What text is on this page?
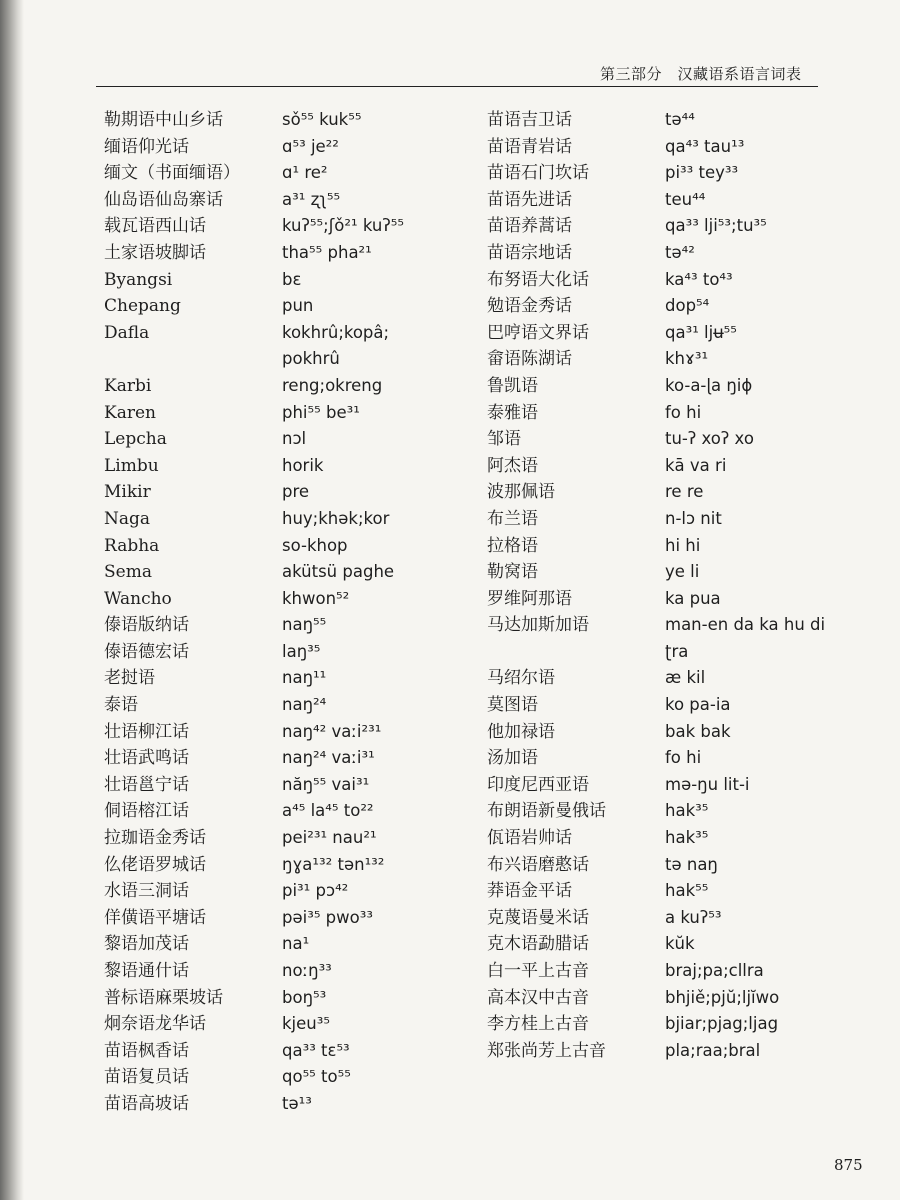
第三部分　汉藏语系语言词表
勒期语中山乡话	sǒ⁵⁵ kuk⁵⁵
缅语仰光话	ɑ⁵³ je²²
缅文（书面缅语）	ɑ¹ re²
仙岛语仙岛寨话	a³¹ ʐʅ⁵⁵
载瓦语西山话	kuʔ⁵⁵;ʃǒ²¹ kuʔ⁵⁵
土家语坡脚话	tha⁵⁵ pha²¹
Byangsi	bɛ
Chepang	pun
Dafla	kokhrû;kopâ;
pokhrû
Karbi	reng;okreng
Karen	phi⁵⁵ be³¹
Lepcha	nɔl
Limbu	horik
Mikir	pre
Naga	huy;khək;kor
Rabha	so-khop
Sema	akütsü paghe
Wancho	khwon⁵²
傣语版纳话	naŋ⁵⁵
傣语德宏话	laŋ³⁵
老挝语	naŋ¹¹
泰语	naŋ²⁴
壮语柳江话	naŋ⁴² vaːi²³¹
壮语武鸣话	naŋ²⁴ vaːi³¹
壮语邕宁话	năŋ⁵⁵ vai³¹
侗语榕江话	a⁴⁵ la⁴⁵ to²²
拉珈语金秀话	pei²³¹ nau²¹
仫佬语罗城话	ŋɣa¹³² tən¹³²
水语三洞话	pi³¹ pɔ⁴²
佯僙语平塘话	pəi³⁵ pwo³³
黎语加茂话	na¹
黎语通什话	noːŋ³³
普标语麻栗坡话	boŋ⁵³
炯奈语龙华话	kjeu³⁵
苗语枫香话	qa³³ tɛ⁵³
苗语复员话	qo⁵⁵ to⁵⁵
苗语高坡话	tə¹³
苗语吉卫话	tə⁴⁴
苗语青岩话	qa⁴³ tau¹³
苗语石门坎话	pi³³ tey³³
苗语先进话	teu⁴⁴
苗语养蒿话	qa³³ lji⁵³;tu³⁵
苗语宗地话	tə⁴²
布努语大化话	ka⁴³ to⁴³
勉语金秀话	dop⁵⁴
巴哼语文界话	qa³¹ ljʉ⁵⁵
畲语陈湖话	khɤ³¹
鲁凯语	ko-a-ɭa ŋiɸ
泰雅语	fo hi
邹语	tu-ʔ xoʔ xo
阿杰语	kā va ri
波那佩语	re re
布兰语	n-lɔ nit
拉格语	hi hi
勒窝语	ye li
罗维阿那语	ka pua
马达加斯加语	man-en da ka hu di
ʈra
马绍尔语	æ kil
莫图语	ko pa-ia
他加禄语	bak bak
汤加语	fo hi
印度尼西亚语	mə-ŋu lit-i
布朗语新曼俄话	hak³⁵
佤语岩帅话	hak³⁵
布兴语磨憨话	tə naŋ
莽语金平话	hak⁵⁵
克蔑语曼米话	a kuʔ⁵³
克木语勐腊话	kŭk
白一平上古音	braj;pa;cllra
高本汉中古音	bhjiě;pjŭ;ljĭwo
李方桂上古音	bjiar;pjag;ljag
郑张尚芳上古音	pla;raa;bral
875
